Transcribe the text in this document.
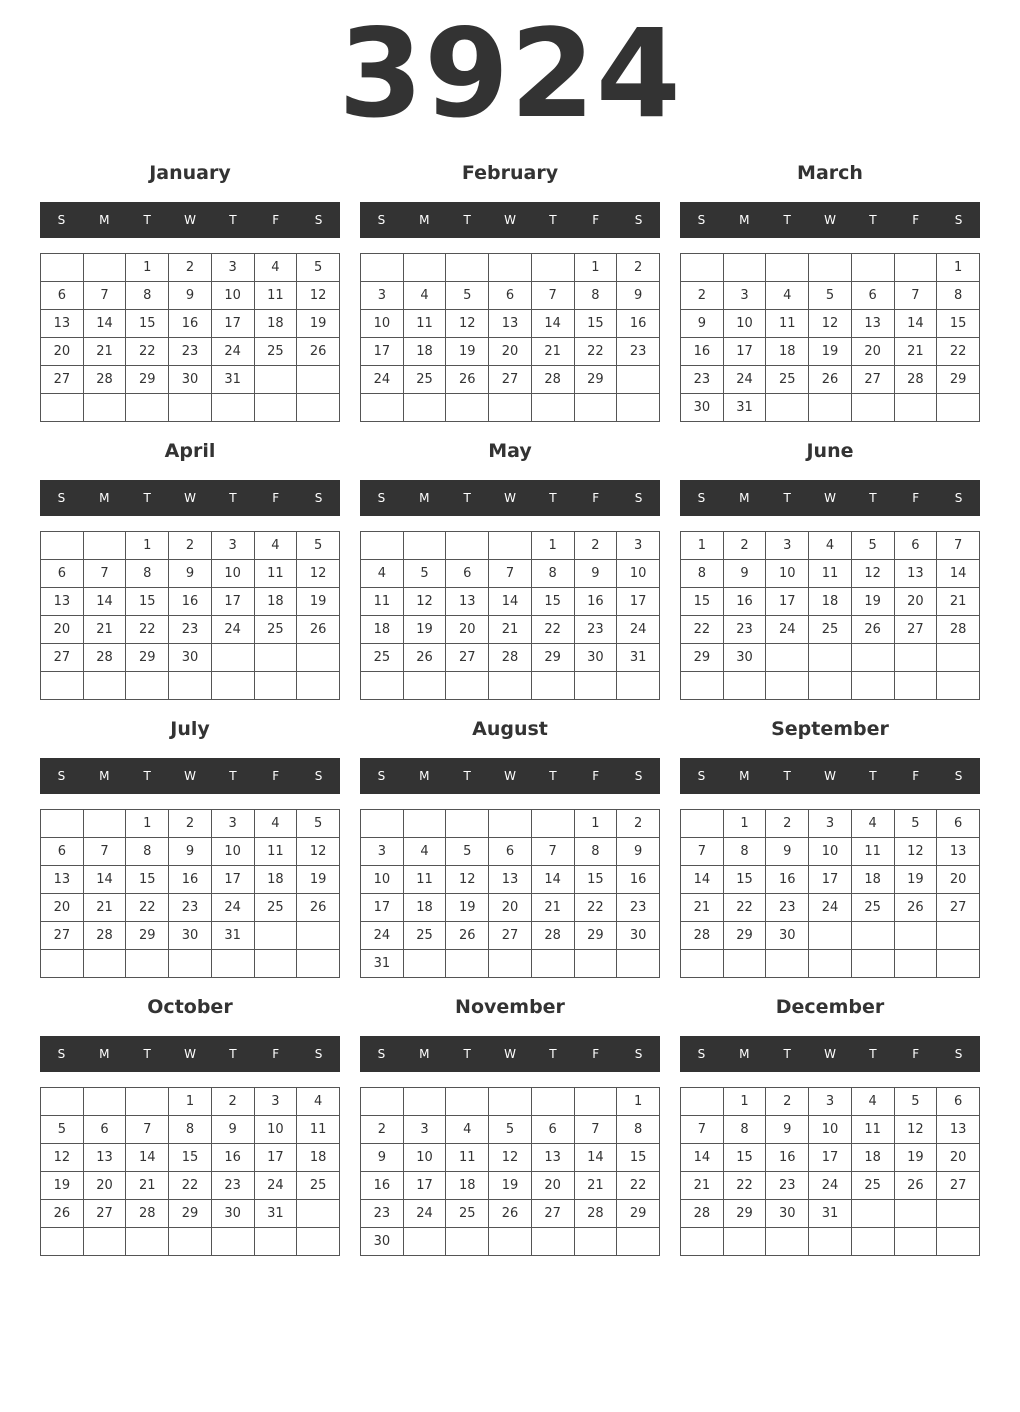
3924
January
S	M	T	W	T	F	S
		1	2	3	4	5
6	7	8	9	10	11	12
13	14	15	16	17	18	19
20	21	22	23	24	25	26
27	28	29	30	31		

February
S	M	T	W	T	F	S
					1	2
3	4	5	6	7	8	9
10	11	12	13	14	15	16
17	18	19	20	21	22	23
24	25	26	27	28	29	

March
S	M	T	W	T	F	S
						1
2	3	4	5	6	7	8
9	10	11	12	13	14	15
16	17	18	19	20	21	22
23	24	25	26	27	28	29
30	31					
April
S	M	T	W	T	F	S
		1	2	3	4	5
6	7	8	9	10	11	12
13	14	15	16	17	18	19
20	21	22	23	24	25	26
27	28	29	30			

May
S	M	T	W	T	F	S
				1	2	3
4	5	6	7	8	9	10
11	12	13	14	15	16	17
18	19	20	21	22	23	24
25	26	27	28	29	30	31

June
S	M	T	W	T	F	S
1	2	3	4	5	6	7
8	9	10	11	12	13	14
15	16	17	18	19	20	21
22	23	24	25	26	27	28
29	30					

July
S	M	T	W	T	F	S
		1	2	3	4	5
6	7	8	9	10	11	12
13	14	15	16	17	18	19
20	21	22	23	24	25	26
27	28	29	30	31		

August
S	M	T	W	T	F	S
					1	2
3	4	5	6	7	8	9
10	11	12	13	14	15	16
17	18	19	20	21	22	23
24	25	26	27	28	29	30
31						
September
S	M	T	W	T	F	S
	1	2	3	4	5	6
7	8	9	10	11	12	13
14	15	16	17	18	19	20
21	22	23	24	25	26	27
28	29	30				

October
S	M	T	W	T	F	S
			1	2	3	4
5	6	7	8	9	10	11
12	13	14	15	16	17	18
19	20	21	22	23	24	25
26	27	28	29	30	31	

November
S	M	T	W	T	F	S
						1
2	3	4	5	6	7	8
9	10	11	12	13	14	15
16	17	18	19	20	21	22
23	24	25	26	27	28	29
30						
December
S	M	T	W	T	F	S
	1	2	3	4	5	6
7	8	9	10	11	12	13
14	15	16	17	18	19	20
21	22	23	24	25	26	27
28	29	30	31			
